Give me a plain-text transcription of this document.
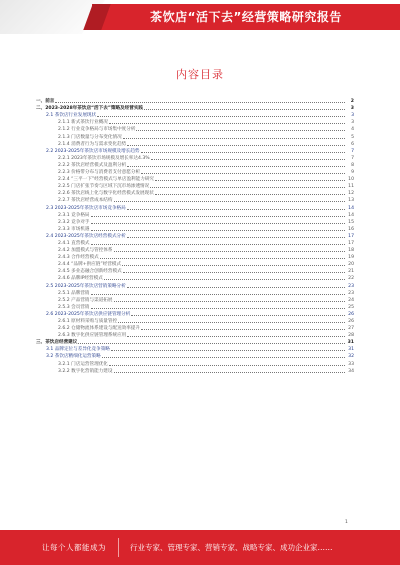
茶饮店“活下去”经营策略研究报告
内容目录
一、前言	2
二、2023-2028年茶饮店“活下去”策略及经营实践	3
2.1 茶饮店行业发展现状	3
2.1.1 新式茶饮行业概况	3
2.1.2 行业竞争格局与市场集中度分析	4
2.1.3 门店数量与分布变化情况	5
2.1.4 消费者行为与需求变化趋势	6
2.2 2023-2025年茶饮店市场规模及增长趋势	7
2.2.1 2023年茶饮市场规模及增长率达4.3%	7
2.2.2 茶饮店经营模式及盈利分析	8
2.2.3 价格带分布与消费者支付意愿分析	9
2.2.4 “三平一下”经营模式与单店盈利能力研究	10
2.2.5 门店扩张节奏与区域下沉市场渗透情况	11
2.2.6 茶饮店线上化与数字化经营模式发展现状	12
2.2.7 茶饮店经营成本结构	13
2.3 2023-2025年茶饮店市场竞争格局	14
2.3.1 竞争格局	14
2.3.2 竞争对手	15
2.3.3 市场机遇	16
2.4 2023-2025年茶饮店经营模式分析	17
2.4.1 直营模式	17
2.4.2 加盟模式与管控体系	18
2.4.3 合作经营模式	19
2.4.4 “品牌+供应链”经营模式	20
2.4.5 多业态融合创新经营模式	21
2.4.6 品牌IP经营模式	22
2.5 2023-2025年茶饮店营销策略分析	23
2.5.1 品牌营销	23
2.5.2 产品营销与渠道拓展	24
2.5.3 会员营销	25
2.6 2023-2025年茶饮店供应链管理分析	26
2.6.1 原材料采购与质量管控	26
2.6.2 仓储物流体系建设与配送效率提升	27
2.6.3 数字化供应链管理系统应用	28
三、茶饮店经营建议	31
3.1 品牌定位与差异化竞争策略	31
3.2 茶饮店精细化运营策略	32
3.2.1 门店运营管理优化	33
3.2.2 数字化营销能力建设	34
1
让每个人都能成为	行业专家、管理专家、营销专家、战略专家、成功企业家……
